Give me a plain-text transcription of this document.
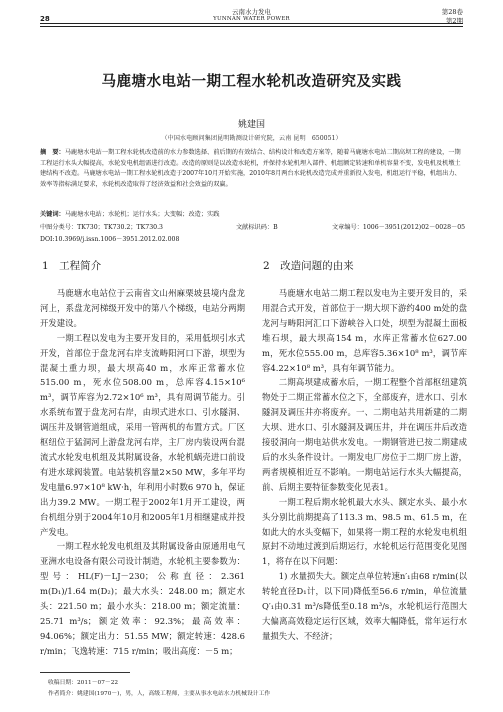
28
云南水力发电
YUNNAN WATER POWER
第28卷
第2期
马鹿塘水电站一期工程水轮机改造研究及实践
姚建国
（中国水电顾问集团昆明勘测设计研究院，云南 昆明　650051）
摘　要：马鹿塘水电站一期工程水轮机改造前的水力参数选择、前后期的有效结合、结构设计和改造方案等，随着马鹿塘水电站二期高坝工程的建设，一期工程运行水头大幅提高，水轮发电机组需进行改造。改造的原则是以改造水轮机，并保持水轮机埋入部件、机组额定转速和单机容量不变，发电机及机墩土建结构不改造。马鹿塘水电站一期工程水轮机改造于2007年10月开始实施，2010年8月两台水轮机改造完成并重新投入发电，机组运行平稳，机组出力、效率等指标满足要求，水轮机改造取得了经济效益和社会效益的双赢。
关键词：马鹿塘水电站；水轮机；运行水头；大变幅；改造；实践
中图分类号：TK730；TK730.2；TK730.3	文献标识码：B	文章编号：1006－3951(2012)02－0028－05
DOI:10.3969/j.issn.1006－3951.2012.02.008
1　工程简介	2　改造问题的由来

马鹿塘水电站位于云南省文山州麻栗坡县境内盘龙河上，系盘龙河梯级开发中的第八个梯级，电站分两期开发建设。

一期工程以发电为主要开发目的，采用低坝引水式开发，首部位于盘龙河右岸支流畴阳河口下游，坝型为混凝土重力坝，最大坝高40 m，水库正常蓄水位515.00 m，死水位508.00 m，总库容4.15×10⁶ m³，调节库容为2.72×10⁶ m³，具有周调节能力。引水系统布置于盘龙河右岸，由坝式进水口、引水隧洞、调压井及钢管道组成，采用一管两机的布置方式。厂区枢纽位于猛洞河上游盘龙河右岸，主厂房内装设两台混流式水轮发电机组及其附属设备，水轮机蜗壳进口前设有进水球阀装置。电站装机容量2×50 MW，多年平均发电量6.97×10⁸ kW·h，年利用小时数6 970 h，保证出力39.2 MW。一期工程于2002年1月开工建设，两台机组分别于2004年10月和2005年1月相继建成并投产发电。

一期工程水轮发电机组及其附属设备由原通用电气亚洲水电设备有限公司设计制造，水轮机主要参数为：型号：HL(F)－LJ－230；公称直径：2.361 m(D₁)/1.64 m(D₂)；最大水头：248.00 m；额定水头：221.50 m；最小水头：218.00 m；额定流量：25.71 m³/s；额定效率：92.3%；最高效率：94.06%；额定出力：51.55 MW；额定转速：428.6 r/min；飞逸转速：715 r/min；吸出高度：－5 m；

马鹿塘水电站二期工程以发电为主要开发目的，采用混合式开发，首部位于一期大坝下游约400 m处的盘龙河与畴阳河汇口下游峡谷入口处，坝型为混凝土面板堆石坝，最大坝高154 m，水库正常蓄水位627.00 m，死水位555.00 m，总库容5.36×10⁸ m³，调节库容4.22×10⁸ m³，具有年调节能力。

二期高坝建成蓄水后，一期工程整个首部枢纽建筑物处于二期正常蓄水位之下，全部废弃，进水口、引水隧洞及调压井亦将废弃。一、二期电站共用新建的二期大坝、进水口、引水隧洞及调压井，并在调压井后改造接驳洞向一期电站供水发电。一期钢管进已按二期建成后的水头条件设计。一期发电厂房位于二期厂房上游，两者规模相近互不影响。一期电站运行水头大幅提高，前、后期主要特征参数变化见表1。

一期工程后期水轮机最大水头、额定水头、最小水头分别比前期提高了113.3 m、98.5 m、61.5 m，在如此大的水头变幅下，如果将一期工程的水轮发电机组原封不动地过渡到后期运行，水轮机运行范围变化见图1，将存在以下问题：

1) 水量损失大。额定点单位转速n′₁由68 r/min(以转轮直径D₁计，以下同)降低至56.6 r/min，单位流量Q′₁由0.31 m³/s降低至0.18 m³/s，水轮机运行范围大大偏离高效稳定运行区域，效率大幅降低，常年运行水量损失大、不经济；

收稿日期：2011－07－22
作者简介：姚建国(1970－)，男，人，高级工程师，主要从事水电站水力机械设计工作
